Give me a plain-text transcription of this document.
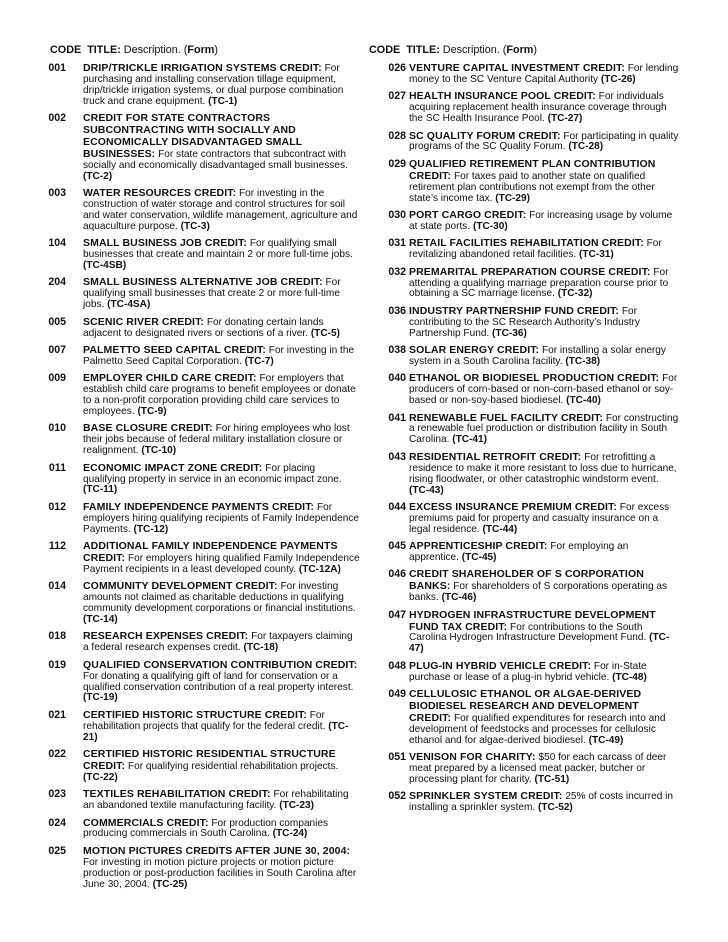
CODE TITLE: Description. (Form)
001	DRIP/TRICKLE IRRIGATION SYSTEMS CREDIT: For purchasing and installing conservation tillage equipment, drip/trickle irrigation systems, or dual purpose combination truck and crane equipment. (TC-1)
002	CREDIT FOR STATE CONTRACTORS SUBCONTRACTING WITH SOCIALLY AND ECONOMICALLY DISADVANTAGED SMALL BUSINESSES: For state contractors that subcontract with socially and economically disadvantaged small businesses. (TC-2)
003	WATER RESOURCES CREDIT: For investing in the construction of water storage and control structures for soil and water conservation, wildlife management, agriculture and aquaculture purpose. (TC-3)
104	SMALL BUSINESS JOB CREDIT: For qualifying small businesses that create and maintain 2 or more full-time jobs. (TC-4SB)
204	SMALL BUSINESS ALTERNATIVE JOB CREDIT: For qualifying small businesses that create 2 or more full-time jobs. (TC-4SA)
005	SCENIC RIVER CREDIT: For donating certain lands adjacent to designated rivers or sections of a river. (TC-5)
007	PALMETTO SEED CAPITAL CREDIT: For investing in the Palmetto Seed Capital Corporation. (TC-7)
009	EMPLOYER CHILD CARE CREDIT: For employers that establish child care programs to benefit employees or donate to a non-profit corporation providing child care services to employees. (TC-9)
010	BASE CLOSURE CREDIT: For hiring employees who lost their jobs because of federal military installation closure or realignment. (TC-10)
011	ECONOMIC IMPACT ZONE CREDIT: For placing qualifying property in service in an economic impact zone. (TC-11)
012	FAMILY INDEPENDENCE PAYMENTS CREDIT: For employers hiring qualifying recipients of Family Independence Payments. (TC-12)
112	ADDITIONAL FAMILY INDEPENDENCE PAYMENTS CREDIT: For employers hiring qualified Family Independence Payment recipients in a least developed county. (TC-12A)
014	COMMUNITY DEVELOPMENT CREDIT: For investing amounts not claimed as charitable deductions in qualifying community development corporations or financial institutions. (TC-14)
018	RESEARCH EXPENSES CREDIT: For taxpayers claiming a federal research expenses credit. (TC-18)
019	QUALIFIED CONSERVATION CONTRIBUTION CREDIT: For donating a qualifying gift of land for conservation or a qualified conservation contribution of a real property interest. (TC-19)
021	CERTIFIED HISTORIC STRUCTURE CREDIT: For rehabilitation projects that qualify for the federal credit. (TC-21)
022	CERTIFIED HISTORIC RESIDENTIAL STRUCTURE CREDIT: For qualifying residential rehabilitation projects. (TC-22)
023	TEXTILES REHABILITATION CREDIT: For rehabilitating an abandoned textile manufacturing facility. (TC-23)
024	COMMERCIALS CREDIT: For production companies producing commercials in South Carolina. (TC-24)
025	MOTION PICTURES CREDITS AFTER JUNE 30, 2004: For investing in motion picture projects or motion picture production or post-production facilities in South Carolina after June 30, 2004. (TC-25)
CODE TITLE: Description. (Form)
026 VENTURE CAPITAL INVESTMENT CREDIT: For lending money to the SC Venture Capital Authority (TC-26)
027 HEALTH INSURANCE POOL CREDIT: For individuals acquiring replacement health insurance coverage through the SC Health Insurance Pool. (TC-27)
028 SC QUALITY FORUM CREDIT: For participating in quality programs of the SC Quality Forum. (TC-28)
029 QUALIFIED RETIREMENT PLAN CONTRIBUTION CREDIT: For taxes paid to another state on qualified retirement plan contributions not exempt from the other state’s income tax. (TC-29)
030 PORT CARGO CREDIT: For increasing usage by volume at state ports. (TC-30)
031 RETAIL FACILITIES REHABILITATION CREDIT: For revitalizing abandoned retail facilities. (TC-31)
032 PREMARITAL PREPARATION COURSE CREDIT: For attending a qualifying marriage preparation course prior to obtaining a SC marriage license. (TC-32)
036 INDUSTRY PARTNERSHIP FUND CREDIT: For contributing to the SC Research Authority’s Industry Partnership Fund. (TC-36)
038 SOLAR ENERGY CREDIT: For installing a solar energy system in a South Carolina facility. (TC-38)
040 ETHANOL OR BIODIESEL PRODUCTION CREDIT: For producers of corn-based or non-corn-based ethanol or soy-based or non-soy-based biodiesel. (TC-40)
041 RENEWABLE FUEL FACILITY CREDIT: For constructing a renewable fuel production or distribution facility in South Carolina. (TC-41)
043 RESIDENTIAL RETROFIT CREDIT: For retrofitting a residence to make it more resistant to loss due to hurricane, rising floodwater, or other catastrophic windstorm event. (TC-43)
044 EXCESS INSURANCE PREMIUM CREDIT: For excess premiums paid for property and casualty insurance on a legal residence. (TC-44)
045 APPRENTICESHIP CREDIT: For employing an apprentice. (TC-45)
046 CREDIT SHAREHOLDER OF S CORPORATION BANKS: For shareholders of S corporations operating as banks. (TC-46)
047 HYDROGEN INFRASTRUCTURE DEVELOPMENT FUND TAX CREDIT: For contributions to the South Carolina Hydrogen Infrastructure Development Fund. (TC-47)
048 PLUG-IN HYBRID VEHICLE CREDIT: For in-State purchase or lease of a plug-in hybrid vehicle. (TC-48)
049 CELLULOSIC ETHANOL OR ALGAE-DERIVED BIODIESEL RESEARCH AND DEVELOPMENT CREDIT: For qualified expenditures for research into and development of feedstocks and processes for cellulosic ethanol and for algae-derived biodiesel. (TC-49)
051 VENISON FOR CHARITY: $50 for each carcass of deer meat prepared by a licensed meat packer, butcher or processing plant for charity. (TC-51)
052 SPRINKLER SYSTEM CREDIT: 25% of costs incurred in installing a sprinkler system. (TC-52)
